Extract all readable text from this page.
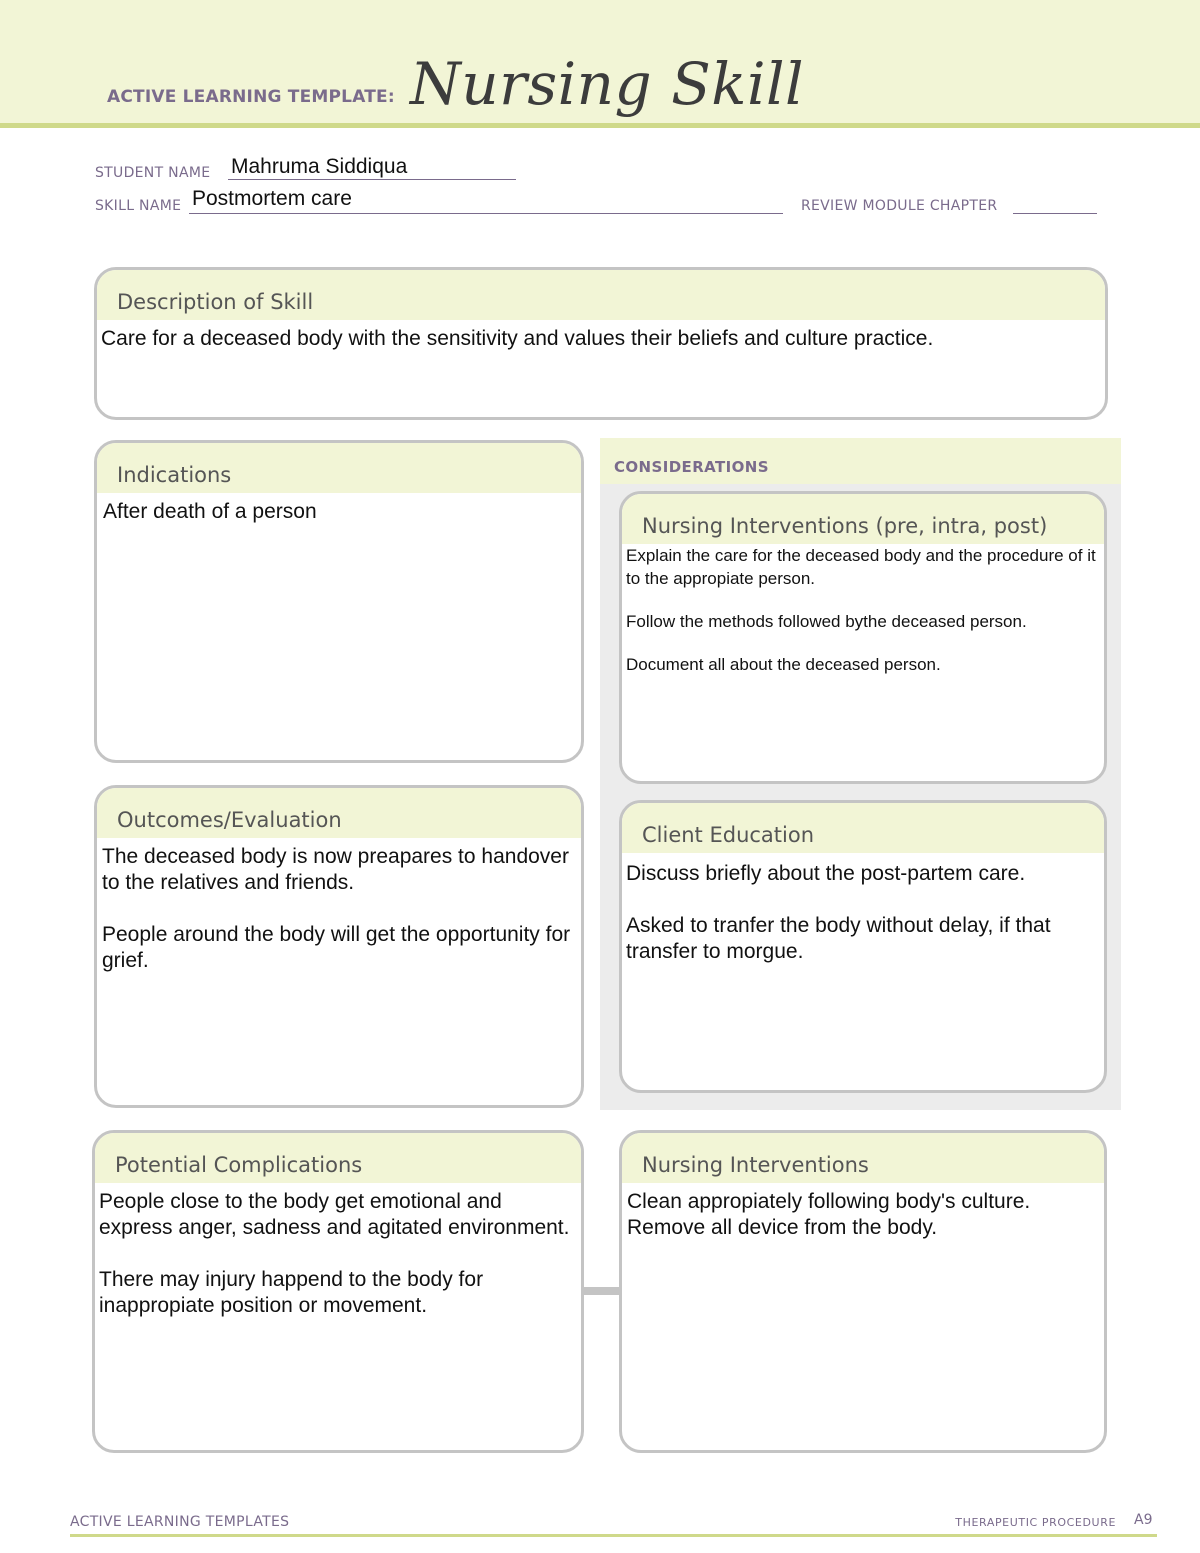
ACTIVE LEARNING TEMPLATE: Nursing Skill
STUDENT NAME Mahruma Siddiqua
SKILL NAME Postmortem care	REVIEW MODULE CHAPTER
Description of Skill

Care for a deceased body with the sensitivity and values their beliefs and culture practice.

Indications

After death of a person

CONSIDERATIONS
Nursing Interventions (pre, intra, post)

Explain the care for the deceased body and the procedure of it to the appropiate person.

Follow the methods followed bythe deceased person.

Document all about the deceased person.

Outcomes/Evaluation

The deceased body is now preapares to handover to the relatives and friends.

People around the body will get the opportunity for grief.

Client Education

Discuss briefly about the post-partem care.

Asked to tranfer the body without delay, if that transfer to morgue.

Potential Complications

People close to the body get emotional and express anger, sadness and agitated environment.

There may injury happend to the body for inappropiate position or movement.

Nursing Interventions
Clean appropiately following body's culture.
Remove all device from the body.
ACTIVE LEARNING TEMPLATES	THERAPEUTIC PROCEDURE A9
